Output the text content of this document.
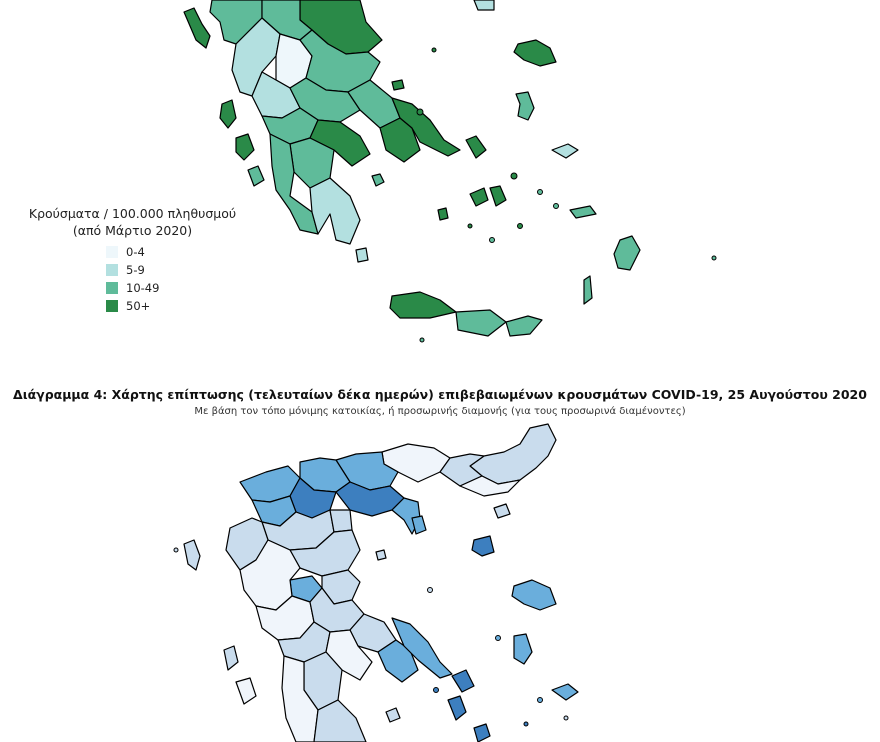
Κρούσματα / 100.000 πληθυσμού
(από Μάρτιο 2020)
0-4
5-9
10-49
50+
Διάγραμμα 4: Χάρτης επίπτωσης (τελευταίων δέκα ημερών) επιβεβαιωμένων κρουσμάτων COVID-19, 25 Αυγούστου 2020
Με βάση τον τόπο μόνιμης κατοικίας, ή προσωρινής διαμονής (για τους προσωρινά διαμένοντες)
